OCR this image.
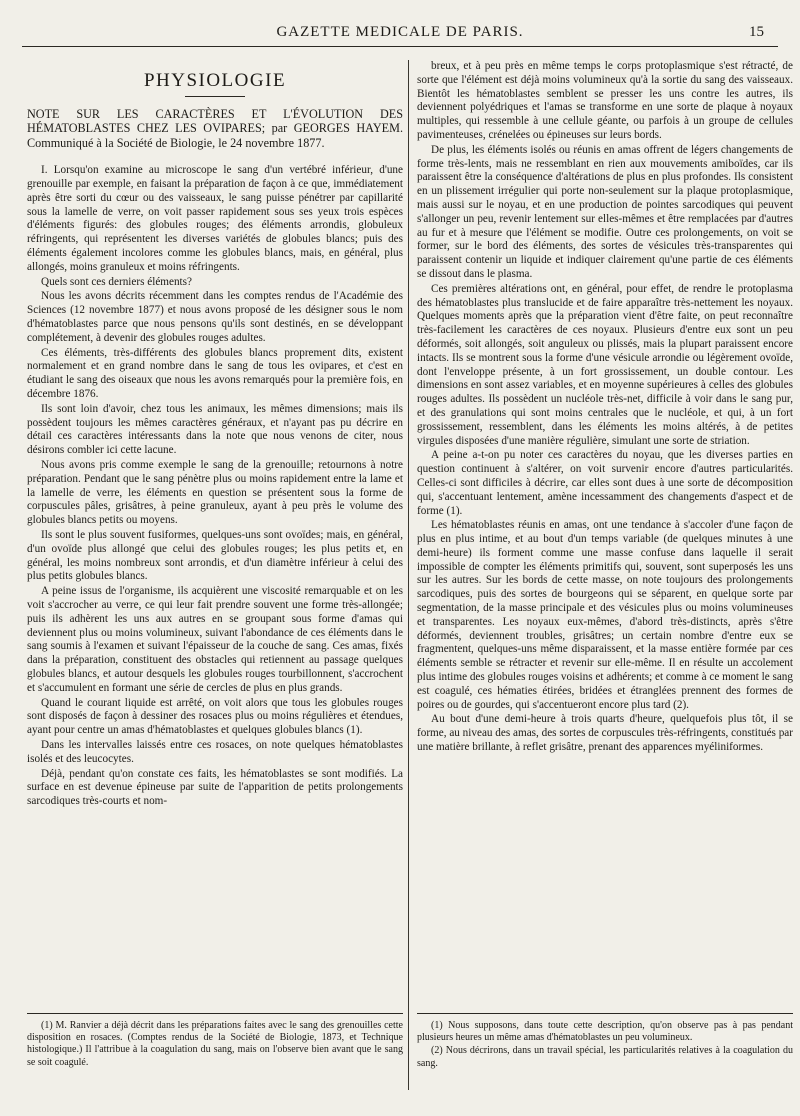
GAZETTE MEDICALE DE PARIS.	15
PHYSIOLOGIE
NOTE SUR LES CARACTÈRES ET L'ÉVOLUTION DES HÉMATOBLASTES CHEZ LES OVIPARES; par GEORGES HAYEM. Communiqué à la Société de Biologie, le 24 novembre 1877.

I. Lorsqu'on examine au microscope le sang d'un vertébré inférieur, d'une grenouille par exemple, en faisant la préparation de façon à ce que, immédiatement après être sorti du cœur ou des vaisseaux, le sang puisse pénétrer par capillarité sous la lamelle de verre, on voit passer rapidement sous ses yeux trois espèces d'éléments figurés: des globules rouges; des éléments arrondis, globuleux réfringents, qui représentent les diverses variétés de globules blancs; puis des éléments également incolores comme les globules blancs, mais, en général, plus allongés, moins granuleux et moins réfringents.

Quels sont ces derniers éléments?

Nous les avons décrits récemment dans les comptes rendus de l'Académie des Sciences (12 novembre 1877) et nous avons proposé de les désigner sous le nom d'hématoblastes parce que nous pensons qu'ils sont destinés, en se développant complétement, à devenir des globules rouges adultes.

Ces éléments, très-différents des globules blancs proprement dits, existent normalement et en grand nombre dans le sang de tous les ovipares, et c'est en étudiant le sang des oiseaux que nous les avons remarqués pour la première fois, en décembre 1876.

Ils sont loin d'avoir, chez tous les animaux, les mêmes dimensions; mais ils possèdent toujours les mêmes caractères généraux, et n'ayant pas pu décrire en détail ces caractères intéressants dans la note que nous venons de citer, nous désirons combler ici cette lacune.

Nous avons pris comme exemple le sang de la grenouille; retournons à notre préparation. Pendant que le sang pénètre plus ou moins rapidement entre la lame et la lamelle de verre, les éléments en question se présentent sous la forme de corpuscules pâles, grisâtres, à peine granuleux, ayant à peu près le volume des globules blancs petits ou moyens.

Ils sont le plus souvent fusiformes, quelques-uns sont ovoïdes; mais, en général, d'un ovoïde plus allongé que celui des globules rouges; les plus petits et, en général, les moins nombreux sont arrondis, et d'un diamètre inférieur à celui des plus petits globules blancs.

A peine issus de l'organisme, ils acquièrent une viscosité remarquable et on les voit s'accrocher au verre, ce qui leur fait prendre souvent une forme très-allongée; puis ils adhèrent les uns aux autres en se groupant sous forme d'amas qui deviennent plus ou moins volumineux, suivant l'abondance de ces éléments dans le sang soumis à l'examen et suivant l'épaisseur de la couche de sang. Ces amas, fixés dans la préparation, constituent des obstacles qui retiennent au passage quelques globules blancs, et autour desquels les globules rouges tourbillonnent, s'accrochent et s'accumulent en formant une série de cercles de plus en plus grands.

Quand le courant liquide est arrêté, on voit alors que tous les globules rouges sont disposés de façon à dessiner des rosaces plus ou moins régulières et étendues, ayant pour centre un amas d'hématoblastes et quelques globules blancs (1).

Dans les intervalles laissés entre ces rosaces, on note quelques hématoblastes isolés et des leucocytes.

Déjà, pendant qu'on constate ces faits, les hématoblastes se sont modifiés. La surface en est devenue épineuse par suite de l'apparition de petits prolongements sarcodiques très-courts et nom-

breux, et à peu près en même temps le corps protoplasmique s'est rétracté, de sorte que l'élément est déjà moins volumineux qu'à la sortie du sang des vaisseaux. Bientôt les hématoblastes semblent se presser les uns contre les autres, ils deviennent polyédriques et l'amas se transforme en une sorte de plaque à noyaux multiples, qui ressemble à une cellule géante, ou parfois à un groupe de cellules pavimenteuses, crénelées ou épineuses sur leurs bords.

De plus, les éléments isolés ou réunis en amas offrent de légers changements de forme très-lents, mais ne ressemblant en rien aux mouvements amiboïdes, car ils paraissent être la conséquence d'altérations de plus en plus profondes. Ils consistent en un plissement irrégulier qui porte non-seulement sur la plaque protoplasmique, mais aussi sur le noyau, et en une production de pointes sarcodiques qui peuvent s'allonger un peu, revenir lentement sur elles-mêmes et être remplacées par d'autres au fur et à mesure que l'élément se modifie. Outre ces prolongements, on voit se former, sur le bord des éléments, des sortes de vésicules très-transparentes qui paraissent contenir un liquide et indiquer clairement qu'une partie de ces éléments se dissout dans le plasma.

Ces premières altérations ont, en général, pour effet, de rendre le protoplasma des hématoblastes plus translucide et de faire apparaître très-nettement les noyaux. Quelques moments après que la préparation vient d'être faite, on peut reconnaître très-facilement les caractères de ces noyaux. Plusieurs d'entre eux sont un peu déformés, soit allongés, soit anguleux ou plissés, mais la plupart paraissent encore intacts. Ils se montrent sous la forme d'une vésicule arrondie ou légèrement ovoïde, dont l'enveloppe présente, à un fort grossissement, un double contour. Les dimensions en sont assez variables, et en moyenne supérieures à celles des globules rouges adultes. Ils possèdent un nucléole très-net, difficile à voir dans le sang pur, et des granulations qui sont moins centrales que le nucléole, et qui, à un fort grossissement, ressemblent, dans les éléments les moins altérés, à de petites virgules disposées d'une manière régulière, simulant une sorte de striation.

A peine a-t-on pu noter ces caractères du noyau, que les diverses parties en question continuent à s'altérer, on voit survenir encore d'autres particularités. Celles-ci sont difficiles à décrire, car elles sont dues à une sorte de décomposition qui, s'accentuant lentement, amène incessamment des changements d'aspect et de forme (1).

Les hématoblastes réunis en amas, ont une tendance à s'accoler d'une façon de plus en plus intime, et au bout d'un temps variable (de quelques minutes à une demi-heure) ils forment comme une masse confuse dans laquelle il serait impossible de compter les éléments primitifs qui, souvent, sont superposés les uns sur les autres. Sur les bords de cette masse, on note toujours des prolongements sarcodiques, puis des sortes de bourgeons qui se séparent, en quelque sorte par segmentation, de la masse principale et des vésicules plus ou moins volumineuses et transparentes. Les noyaux eux-mêmes, d'abord très-distincts, après s'être déformés, deviennent troubles, grisâtres; un certain nombre d'entre eux se fragmentent, quelques-uns même disparaissent, et la masse entière formée par ces éléments semble se rétracter et revenir sur elle-même. Il en résulte un accolement plus intime des globules rouges voisins et adhérents; et comme à ce moment le sang est coagulé, ces hématies étirées, bridées et étranglées prennent des formes de poires ou de gourdes, qui s'accentueront encore plus tard (2).

Au bout d'une demi-heure à trois quarts d'heure, quelquefois plus tôt, il se forme, au niveau des amas, des sortes de corpuscules très-réfringents, constitués par une matière brillante, à reflet grisâtre, prenant des apparences myéliniformes.

(1) M. Ranvier a déjà décrit dans les préparations faites avec le sang des grenouilles cette disposition en rosaces. (Comptes rendus de la Société de Biologie, 1873, et Technique histologique.) Il l'attribue à la coagulation du sang, mais on l'observe bien avant que le sang se soit coagulé.

(1) Nous supposons, dans toute cette description, qu'on observe pas à pas pendant plusieurs heures un même amas d'hématoblastes un peu volumineux.

(2) Nous décrirons, dans un travail spécial, les particularités relatives à la coagulation du sang.
